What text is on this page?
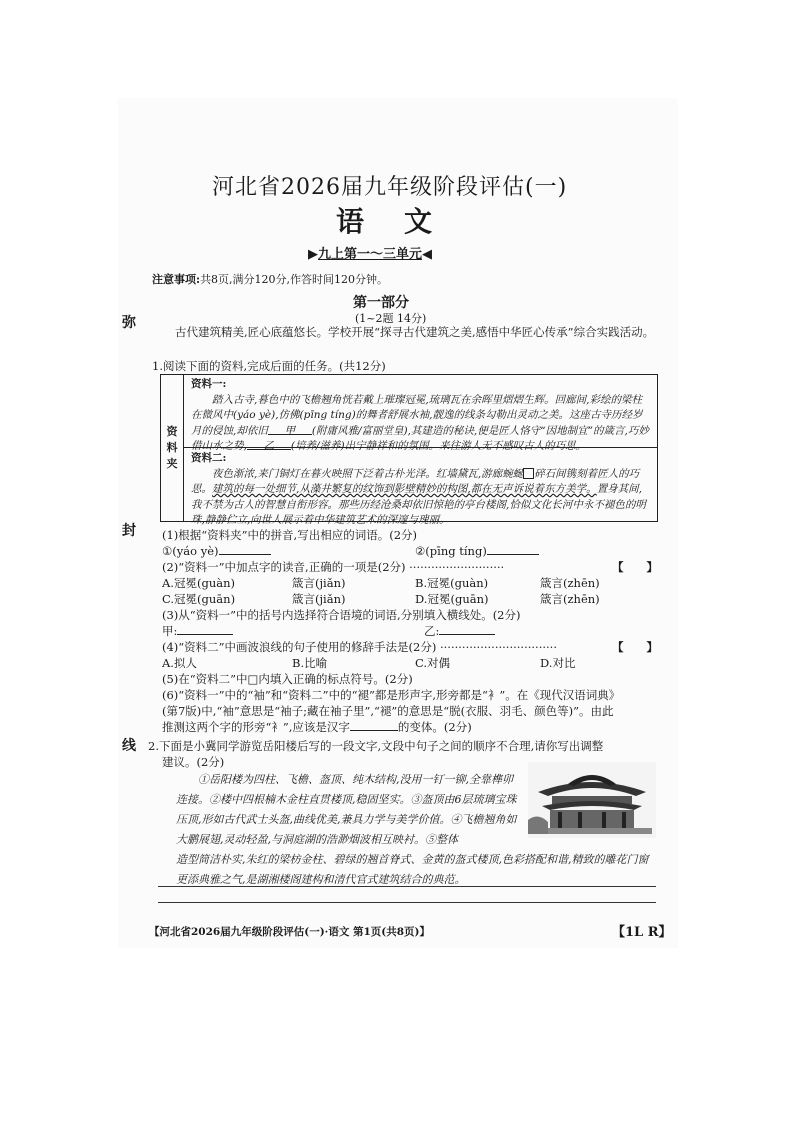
河北省2026届九年级阶段评估(一)
语文
▶九上第一～三单元◀
注意事项:共8页,满分120分,作答时间120分钟。
弥
封
线
第一部分
(1~2题 14分)
  古代建筑精美,匠心底蕴悠长。学校开展“探寻古代建筑之美,感悟中华匠心传承”综合实践活动。
1.阅读下面的资料,完成后面的任务。(共12分)
资
料
夹
资料一:
  踏入古寺,暮色中的飞檐翘角恍若戴上璀璨冠冕,琉璃瓦在余晖里熠熠生辉。回廊间,彩绘的梁柱在微风中(yáo yè),仿佛(pīng tíng)的舞者舒展水袖,靓逸的线条勾勒出灵动之美。这座古寺历经岁月的侵蚀,却依旧 甲 (附庸风雅/富丽堂皇),其建造的秘诀,便是匠人恪守“因地制宜”的箴言,巧妙借山水之势, 乙 (培养/滋养)出宁静祥和的氛围。来往游人无不感叹古人的巧思。
资料二:
  夜色渐浓,来门铜灯在暮火映照下泛着古朴光泽。红墙黛瓦,游廊蜿蜒 碎石间镌刻着匠人的巧思。建筑的每一处细节,从藻井繁复的纹饰到影壁精妙的构图,都在无声诉说着东方美学。置身其间,我不禁为古人的智慧自衔形容。那些历经沧桑却依旧惊艳的亭台楼阁,恰似文化长河中永不褪色的明珠,静静伫立,向世人展示着中华建筑艺术的深邃与瑰丽。
(1)根据“资料夹”中的拼音,写出相应的词语。(2分)
①(yáo yè)	②(pīng tíng)
(2)“资料一”中加点字的读音,正确的一项是(2分) ··························	【  】
A.冠冕(guàn)	箴言(jiǎn)	B.冠冕(guàn)	箴言(zhēn)
C.冠冕(guān)	箴言(jiǎn)	D.冠冕(guān)	箴言(zhēn)
(3)从“资料一”中的括号内选择符合语境的词语,分别填入横线处。(2分)
甲:	乙:
(4)“资料二”中画波浪线的句子使用的修辞手法是(2分) ································	【  】
A.拟人	B.比喻	C.对偶	D.对比
(5)在“资料二”中□内填入正确的标点符号。(2分)
(6)“资料一”中的“袖”和“资料二”中的“褪”都是形声字,形旁都是“衤”。在《现代汉语词典》
(第7版)中,“袖”意思是“袖子;藏在袖子里”,“褪”的意思是“脱(衣服、羽毛、颜色等)”。由此
推测这两个字的形旁“衤”,应该是汉字	的变体。(2分)
2.下面是小冀同学游览岳阳楼后写的一段文字,文段中句子之间的顺序不合理,请你写出调整
建议。(2分)
  ①岳阳楼为四柱、飞檐、盔顶、纯木结构,没用一钉一铆,全靠榫卯连接。②楼中四根楠木金柱直贯楼顶,稳固坚实。③盔顶由6层琉璃宝珠压顶,形如古代武士头盔,曲线优美,兼具力学与美学价值。④飞檐翘角如大鹏展翅,灵动轻盈,与洞庭湖的浩渺烟波相互映衬。⑤整体
造型简洁朴实,朱红的梁枋金柱、碧绿的翘首脊式、金黄的盔式楼顶,色彩搭配和谐,精致的雕花门窗更添典雅之气,是湖湘楼阁建构和清代官式建筑结合的典范。
【河北省2026届九年级阶段评估(一)·语文 第1页(共8页)】	【1L R】
